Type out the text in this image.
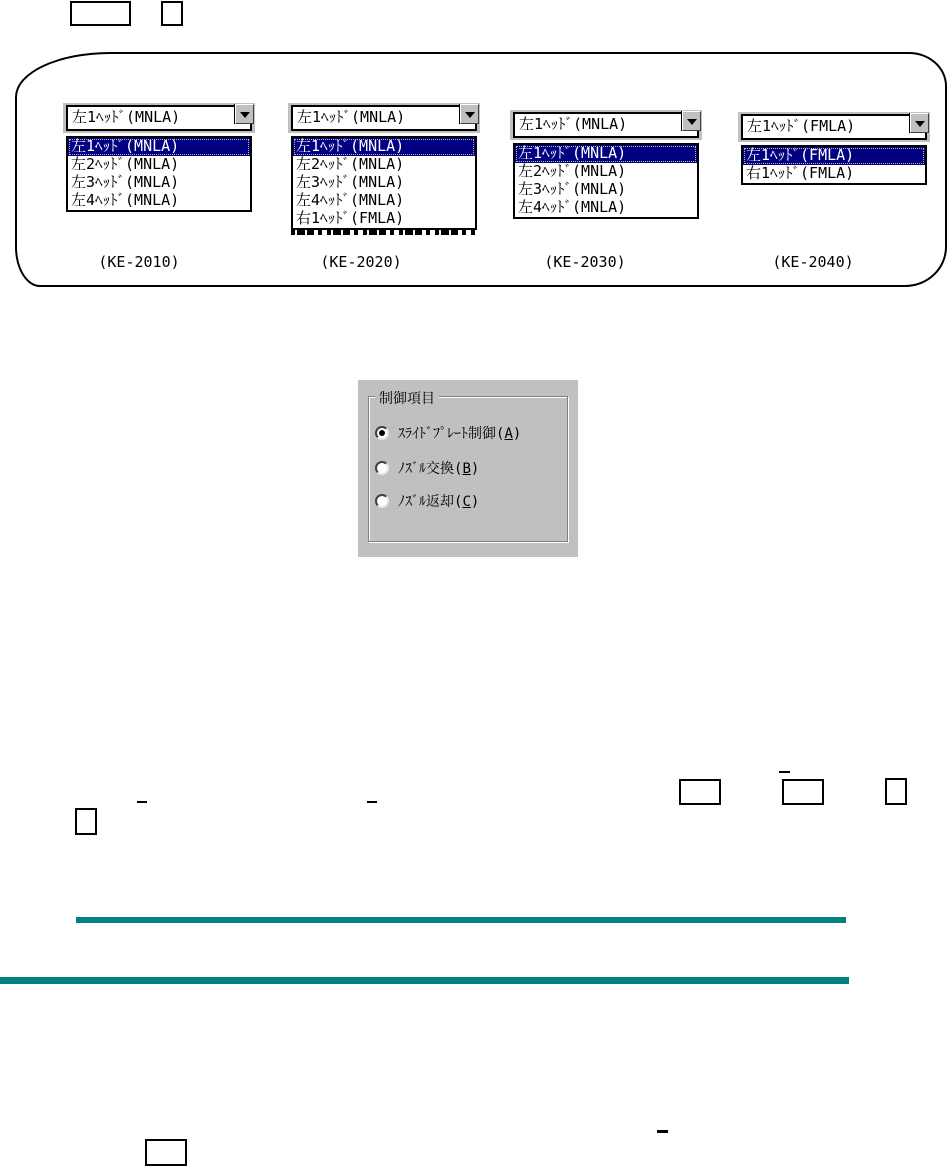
左1ﾍｯﾄﾞ(MNLA)
左1ﾍｯﾄﾞ(MNLA)
左2ﾍｯﾄﾞ(MNLA)
左3ﾍｯﾄﾞ(MNLA)
左4ﾍｯﾄﾞ(MNLA)
左1ﾍｯﾄﾞ(MNLA)
左1ﾍｯﾄﾞ(MNLA)
左2ﾍｯﾄﾞ(MNLA)
左3ﾍｯﾄﾞ(MNLA)
左4ﾍｯﾄﾞ(MNLA)
右1ﾍｯﾄﾞ(FMLA)
左1ﾍｯﾄﾞ(MNLA)
左1ﾍｯﾄﾞ(MNLA)
左2ﾍｯﾄﾞ(MNLA)
左3ﾍｯﾄﾞ(MNLA)
左4ﾍｯﾄﾞ(MNLA)
左1ﾍｯﾄﾞ(FMLA)
左1ﾍｯﾄﾞ(FMLA)
右1ﾍｯﾄﾞ(FMLA)
(KE-2010)	(KE-2020)	(KE-2030)	(KE-2040)
制御項目
ｽﾗｲﾄﾞﾌﾟﾚｰﾄ制御(A)
ﾉｽﾞﾙ交換(B)
ﾉｽﾞﾙ返却(C)
